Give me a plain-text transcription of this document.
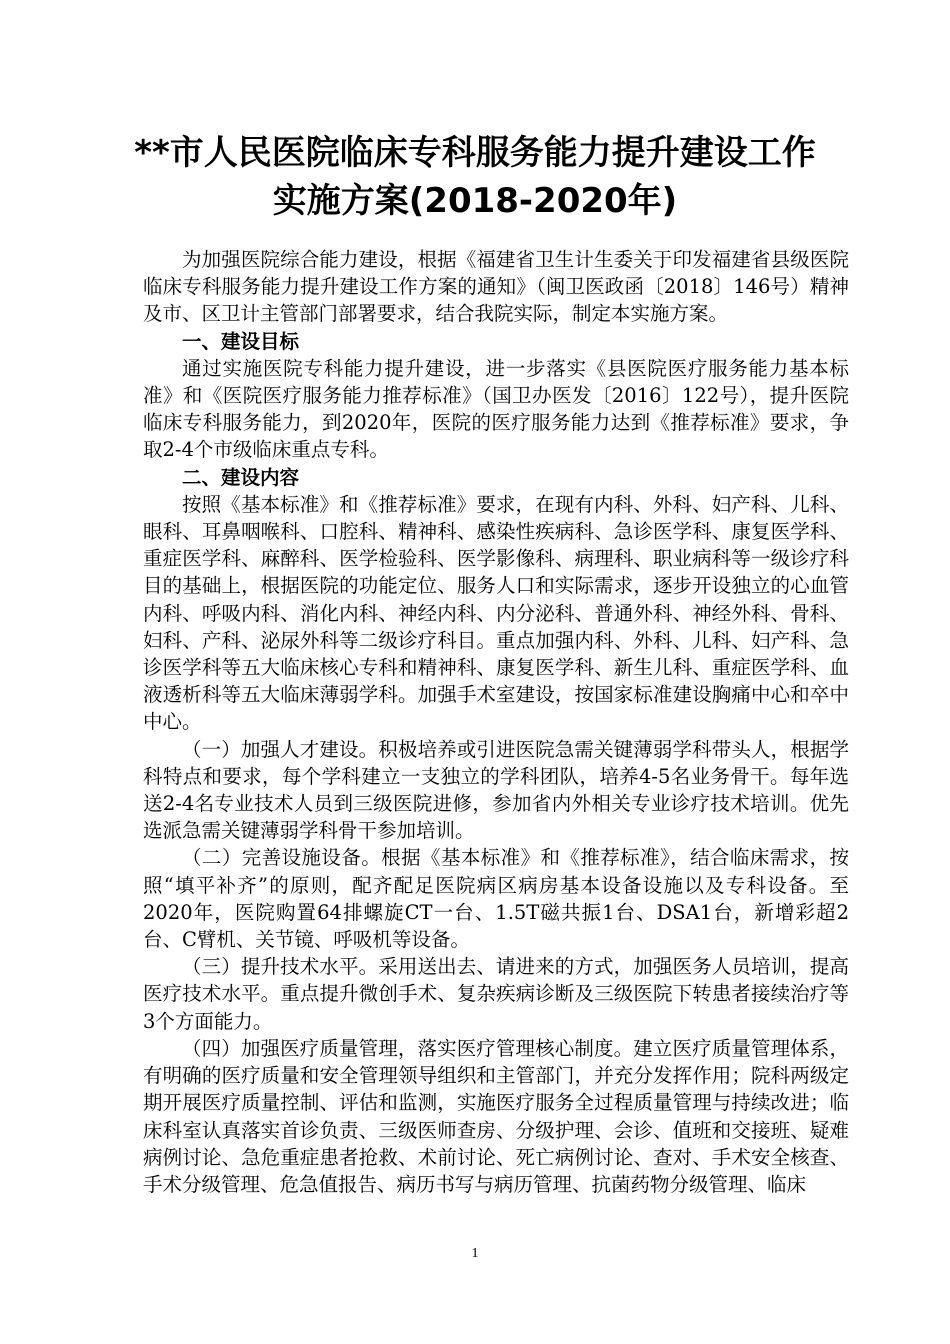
**市人民医院临床专科服务能力提升建设工作
实施方案(2018-2020年)

为加强医院综合能力建设，根据《福建省卫生计生委关于印发福建省县级医院临床专科服务能力提升建设工作方案的通知》（闽卫医政函〔2018〕146号）精神及市、区卫计主管部门部署要求，结合我院实际，制定本实施方案。

一、建设目标

通过实施医院专科能力提升建设，进一步落实《县医院医疗服务能力基本标准》和《医院医疗服务能力推荐标准》（国卫办医发〔2016〕122号），提升医院临床专科服务能力，到2020年，医院的医疗服务能力达到《推荐标准》要求，争取2-4个市级临床重点专科。

二、建设内容

按照《基本标准》和《推荐标准》要求，在现有内科、外科、妇产科、儿科、眼科、耳鼻咽喉科、口腔科、精神科、感染性疾病科、急诊医学科、康复医学科、重症医学科、麻醉科、医学检验科、医学影像科、病理科、职业病科等一级诊疗科目的基础上，根据医院的功能定位、服务人口和实际需求，逐步开设独立的心血管内科、呼吸内科、消化内科、神经内科、内分泌科、普通外科、神经外科、骨科、妇科、产科、泌尿外科等二级诊疗科目。重点加强内科、外科、儿科、妇产科、急诊医学科等五大临床核心专科和精神科、康复医学科、新生儿科、重症医学科、血液透析科等五大临床薄弱学科。加强手术室建设，按国家标准建设胸痛中心和卒中中心。

（一）加强人才建设。积极培养或引进医院急需关键薄弱学科带头人，根据学科特点和要求，每个学科建立一支独立的学科团队，培养4-5名业务骨干。每年选送2-4名专业技术人员到三级医院进修，参加省内外相关专业诊疗技术培训。优先选派急需关键薄弱学科骨干参加培训。

（二）完善设施设备。根据《基本标准》和《推荐标准》，结合临床需求，按照“填平补齐”的原则，配齐配足医院病区病房基本设备设施以及专科设备。至2020年，医院购置64排螺旋CT一台、1.5T磁共振1台、DSA1台，新增彩超2台、C臂机、关节镜、呼吸机等设备。

（三）提升技术水平。采用送出去、请进来的方式，加强医务人员培训，提高医疗技术水平。重点提升微创手术、复杂疾病诊断及三级医院下转患者接续治疗等3个方面能力。

（四）加强医疗质量管理，落实医疗管理核心制度。建立医疗质量管理体系，有明确的医疗质量和安全管理领导组织和主管部门，并充分发挥作用；院科两级定期开展医疗质量控制、评估和监测，实施医疗服务全过程质量管理与持续改进；临床科室认真落实首诊负责、三级医师查房、分级护理、会诊、值班和交接班、疑难病例讨论、急危重症患者抢救、术前讨论、死亡病例讨论、查对、手术安全核查、手术分级管理、危急值报告、病历书写与病历管理、抗菌药物分级管理、临床

1
